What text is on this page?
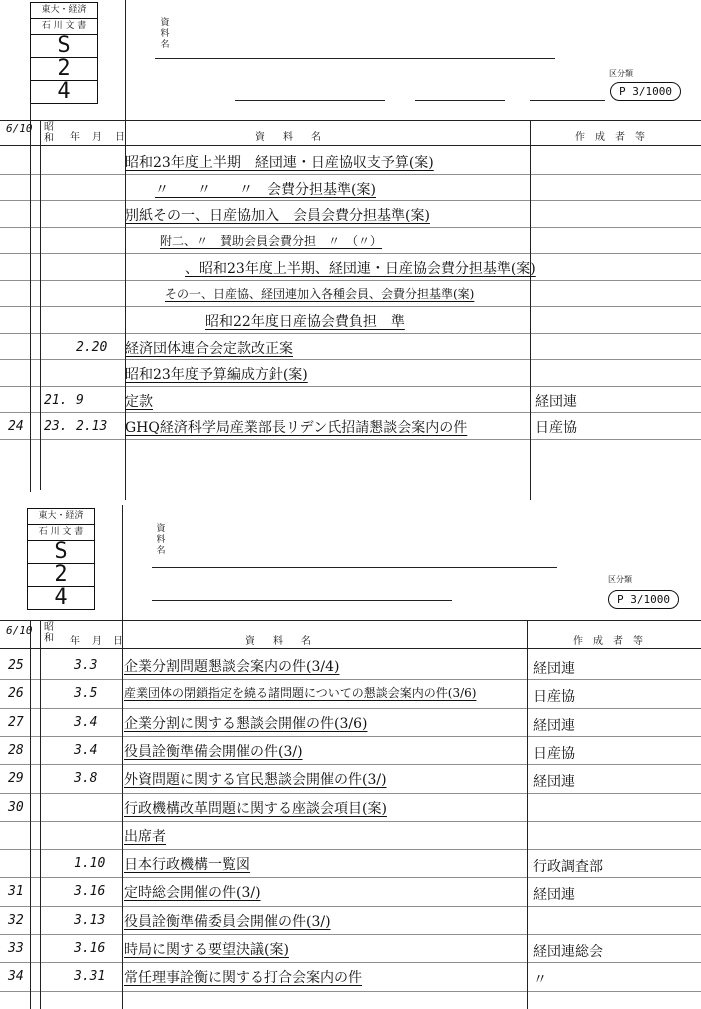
東大・経済
石 川 文 書
S
2
4
資
料
名
区分類
P 3/1000
6/10 昭和 年 月 日	資　料　名	作　成　者　等
昭和23年度上半期　経団連・日産協収支予算(案)
〃　　〃　　〃　会費分担基準(案)
別紙その一、日産協加入　会員会費分担基準(案)
附二、〃　賛助会員会費分担　〃　（〃）
、昭和23年度上半期、経団連・日産協会費分担基準(案)
その一、日産協、経団連加入各種会員、会費分担基準(案)
昭和22年度日産協会費負担　準
2.20 経済団体連合会定款改正案
昭和23年度予算編成方針(案)
21. 9	定款	経団連
24 23. 2.13 GHQ経済科学局産業部長リデン氏招請懇談会案内の件	日産協
東大・経済
石 川 文 書
S
2
4
資
料
名
区分類
P 3/1000
6/10 昭和 年 月 日	資　料　名	作　成　者　等
25	3.3 企業分割問題懇談会案内の件(3/4)	経団連
26	3.5 産業団体の閉鎖指定を繞る諸問題についての懇談会案内の件(3/6)	日産協
27	3.4 企業分割に関する懇談会開催の件(3/6)	経団連
28	3.4 役員詮衡準備会開催の件(3/)	日産協
29	3.8 外資問題に関する官民懇談会開催の件(3/)	経団連
30	行政機構改革問題に関する座談会項目(案)
出席者
1.10 日本行政機構一覧図	行政調査部
31	3.16 定時総会開催の件(3/)	経団連
32	3.13 役員詮衡準備委員会開催の件(3/)
33	3.16 時局に関する要望決議(案)	経団連総会
34	3.31 常任理事詮衡に関する打合会案内の件	〃
